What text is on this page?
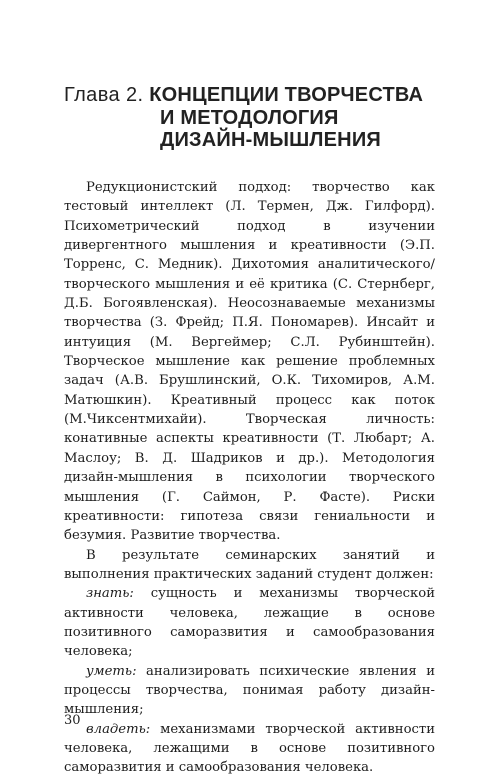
Глава 2. КОНЦЕПЦИИ ТВОРЧЕСТВА
И МЕТОДОЛОГИЯ
ДИЗАЙН-МЫШЛЕНИЯ

Редукционистский подход: творчество как тестовый интеллект (Л. Термен, Дж. Гилфорд). Психометрический подход в изучении дивергентного мышления и креативности (Э.П. Торренс, С. Медник). Дихотомия аналитического/творческого мышления и её критика (С. Стернберг, Д.Б. Богоявленская). Неосознаваемые механизмы творчества (З. Фрейд; П.Я. Пономарев). Инсайт и интуиция (М. Вергеймер; С.Л. Рубинштейн). Творческое мышление как решение проблемных задач (А.В. Брушлинский, О.К. Тихомиров, А.М. Матюшкин). Креативный процесс как поток (М.Чиксентмихайи). Творческая личность: конативные аспекты креативности (Т. Любарт; А. Маслоу; В. Д. Шадриков и др.). Методология дизайн-мышления в психологии творческого мышления (Г. Саймон, Р. Фасте). Риски креативности: гипотеза связи гениальности и безумия. Развитие творчества.

В результате семинарских занятий и выполнения практических заданий студент должен:

знать: сущность и механизмы творческой активности человека, лежащие в основе позитивного саморазвития и самообразования человека;

уметь: анализировать психические явления и процессы творчества, понимая работу дизайн-мышления;

владеть: механизмами творческой активности человека, лежащими в основе позитивного саморазвития и самообразования человека.

30
